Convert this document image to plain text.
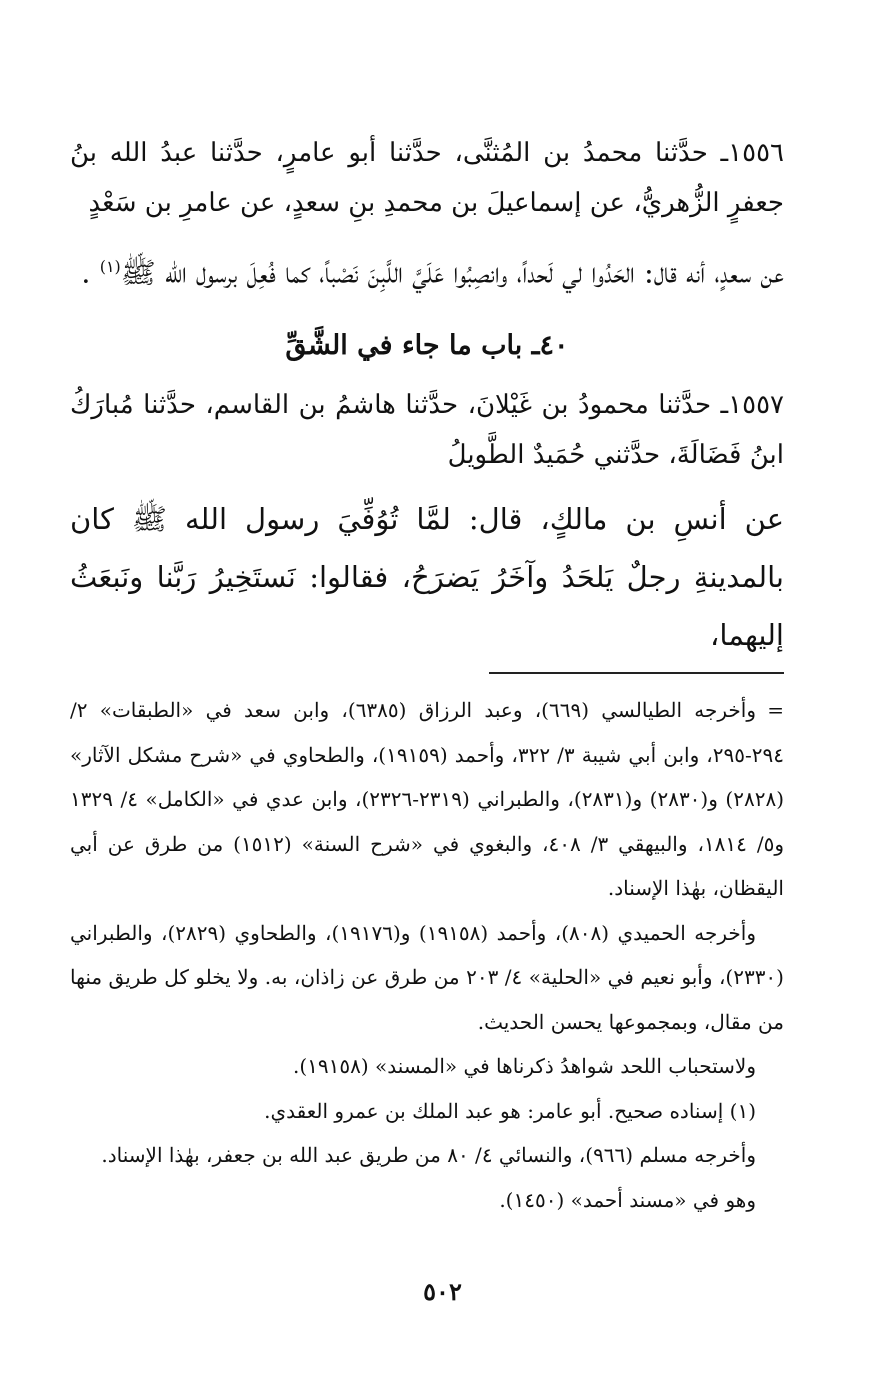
١٥٥٦ـ حدَّثنا محمدُ بن المُثنَّى، حدَّثنا أبو عامرٍ، حدَّثنا عبدُ الله بنُ جعفرٍ الزُّهريُّ، عن إسماعيلَ بن محمدِ بنِ سعدٍ، عن عامرِ بن سَعْدٍ

عن سعدٍ، أنه قال: الحَدُوا لي لَحداً، وانصِبُوا عَلَيَّ اللَّبِنَ نَصْباً، كما فُعِلَ برسول الله ﷺ$^{(١)}$ .

٤٠ـ باب ما جاء في الشَّقِّ

١٥٥٧ـ حدَّثنا محمودُ بن غَيْلانَ، حدَّثنا هاشمُ بن القاسم، حدَّثنا مُبارَكُ ابنُ فَضَالَةَ، حدَّثني حُمَيدٌ الطَّويلُ

عن أنسِ بن مالكٍ، قال: لمَّا تُوُفِّيَ رسول الله ﷺ كان بالمدينةِ رجلٌ يَلحَدُ وآخَرُ يَضرَحُ، فقالوا: نَستَخِيرُ رَبَّنا ونَبعَثُ إليهما،

=وأخرجه الطيالسي (٦٦٩)، وعبد الرزاق (٦٣٨٥)، وابن سعد في «الطبقات» ٢/ ٢٩٤-٢٩٥، وابن أبي شيبة ٣/ ٣٢٢، وأحمد (١٩١٥٩)، والطحاوي في «شرح مشكل الآثار» (٢٨٢٨) و(٢٨٣٠) و(٢٨٣١)، والطبراني (٢٣١٩-٢٣٢٦)، وابن عدي في «الكامل» ٤/ ١٣٢٩ و٥/ ١٨١٤، والبيهقي ٣/ ٤٠٨، والبغوي في «شرح السنة» (١٥١٢) من طرق عن أبي اليقظان، بهٰذا الإسناد.

وأخرجه الحميدي (٨٠٨)، وأحمد (١٩١٥٨) و(١٩١٧٦)، والطحاوي (٢٨٢٩)، والطبراني (٢٣٣٠)، وأبو نعيم في «الحلية» ٤/ ٢٠٣ من طرق عن زاذان، به. ولا يخلو كل طريق منها من مقال، وبمجموعها يحسن الحديث.

ولاستحباب اللحد شواهدُ ذكرناها في «المسند» (١٩١٥٨).

(١) إسناده صحيح. أبو عامر: هو عبد الملك بن عمرو العقدي.

وأخرجه مسلم (٩٦٦)، والنسائي ٤/ ٨٠ من طريق عبد الله بن جعفر، بهٰذا الإسناد.

وهو في «مسند أحمد» (١٤٥٠).

٥٠٢
